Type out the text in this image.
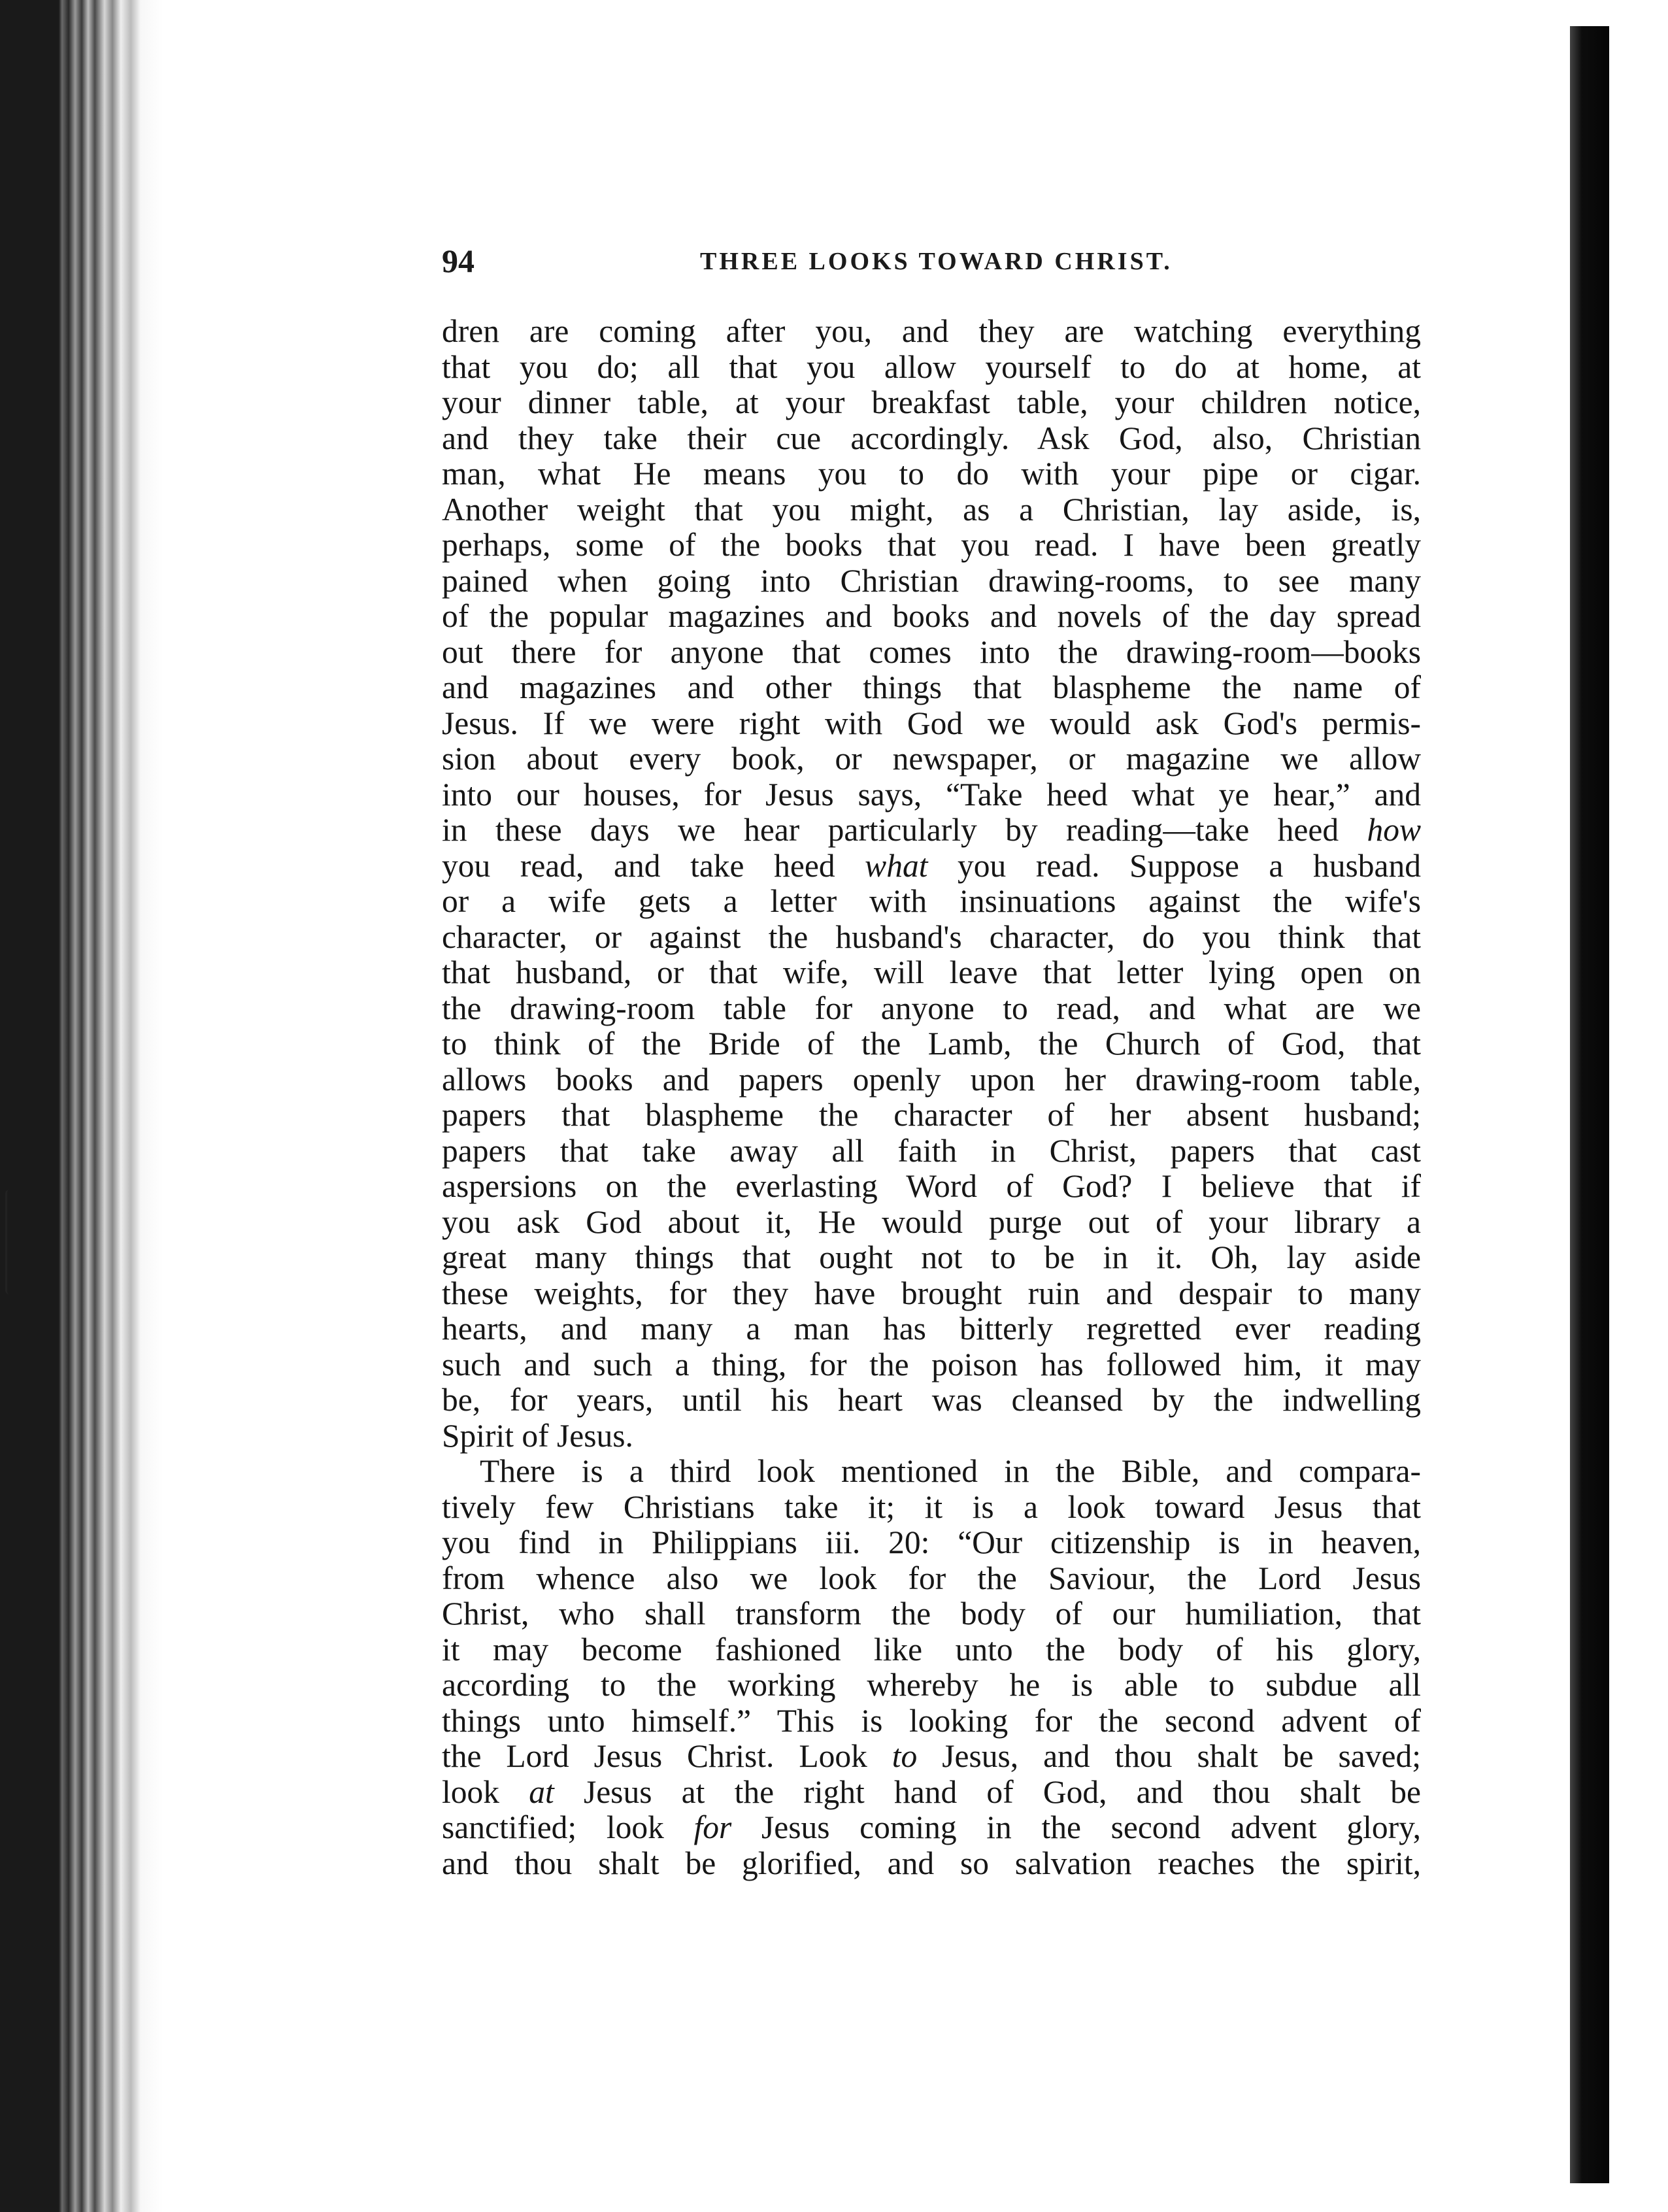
94	THREE LOOKS TOWARD CHRIST.
dren are coming after you, and they are watching everything
that you do; all that you allow yourself to do at home, at
your dinner table, at your breakfast table, your children notice,
and they take their cue accordingly. Ask God, also, Christian
man, what He means you to do with your pipe or cigar.
Another weight that you might, as a Christian, lay aside, is,
perhaps, some of the books that you read. I have been greatly
pained when going into Christian drawing-rooms, to see many
of the popular magazines and books and novels of the day spread
out there for anyone that comes into the drawing-room—books
and magazines and other things that blaspheme the name of
Jesus. If we were right with God we would ask God's permis-
sion about every book, or newspaper, or magazine we allow
into our houses, for Jesus says, “Take heed what ye hear,” and
in these days we hear particularly by reading—take heed how
you read, and take heed what you read. Suppose a husband
or a wife gets a letter with insinuations against the wife's
character, or against the husband's character, do you think that
that husband, or that wife, will leave that letter lying open on
the drawing-room table for anyone to read, and what are we
to think of the Bride of the Lamb, the Church of God, that
allows books and papers openly upon her drawing-room table,
papers that blaspheme the character of her absent husband;
papers that take away all faith in Christ, papers that cast
aspersions on the everlasting Word of God? I believe that if
you ask God about it, He would purge out of your library a
great many things that ought not to be in it. Oh, lay aside
these weights, for they have brought ruin and despair to many
hearts, and many a man has bitterly regretted ever reading
such and such a thing, for the poison has followed him, it may
be, for years, until his heart was cleansed by the indwelling
Spirit of Jesus.
There is a third look mentioned in the Bible, and compara-
tively few Christians take it; it is a look toward Jesus that
you find in Philippians iii. 20: “Our citizenship is in heaven,
from whence also we look for the Saviour, the Lord Jesus
Christ, who shall transform the body of our humiliation, that
it may become fashioned like unto the body of his glory,
according to the working whereby he is able to subdue all
things unto himself.” This is looking for the second advent of
the Lord Jesus Christ. Look to Jesus, and thou shalt be saved;
look at Jesus at the right hand of God, and thou shalt be
sanctified; look for Jesus coming in the second advent glory,
and thou shalt be glorified, and so salvation reaches the spirit,
